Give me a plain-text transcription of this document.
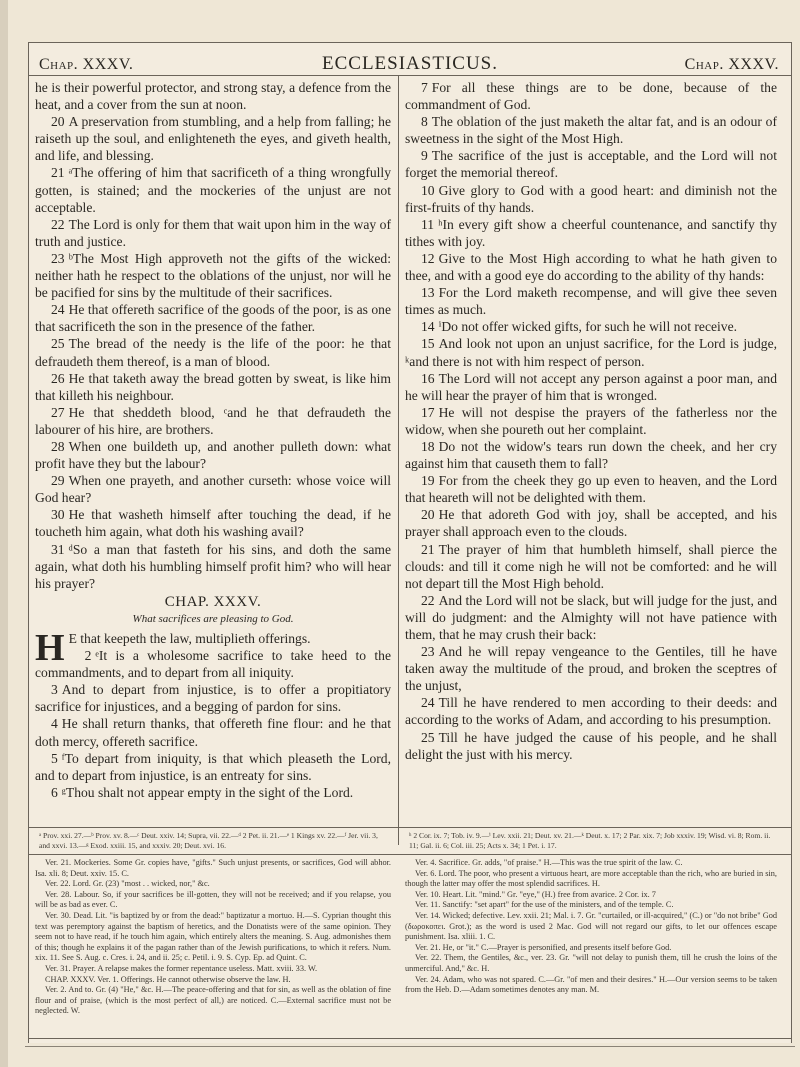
Chap. XXXV.	ECCLESIASTICUS.	Chap. XXXV.

he is their powerful protector, and strong stay, a defence from the heat, and a cover from the sun at noon.

20 A preservation from stumbling, and a help from falling; he raiseth up the soul, and enlighteneth the eyes, and giveth health, and life, and blessing.

21 ᵃThe offering of him that sacrificeth of a thing wrongfully gotten, is stained; and the mockeries of the unjust are not acceptable.

22 The Lord is only for them that wait upon him in the way of truth and justice.

23 ᵇThe Most High approveth not the gifts of the wicked: neither hath he respect to the oblations of the unjust, nor will he be pacified for sins by the multitude of their sacrifices.

24 He that offereth sacrifice of the goods of the poor, is as one that sacrificeth the son in the presence of the father.

25 The bread of the needy is the life of the poor: he that defraudeth them thereof, is a man of blood.

26 He that taketh away the bread gotten by sweat, is like him that killeth his neighbour.

27 He that sheddeth blood, ᶜand he that defraudeth the labourer of his hire, are brothers.

28 When one buildeth up, and another pulleth down: what profit have they but the labour?

29 When one prayeth, and another curseth: whose voice will God hear?

30 He that washeth himself after touching the dead, if he toucheth him again, what doth his washing avail?

31 ᵈSo a man that fasteth for his sins, and doth the same again, what doth his humbling himself profit him? who will hear his prayer?

CHAP. XXXV.
What sacrifices are pleasing to God.

H E that keepeth the law, multiplieth offerings.

2 ᵉIt is a wholesome sacrifice to take heed to the commandments, and to depart from all iniquity.

3 And to depart from injustice, is to offer a propitiatory sacrifice for injustices, and a begging of pardon for sins.

4 He shall return thanks, that offereth fine flour: and he that doth mercy, offereth sacrifice.

5 ᶠTo depart from iniquity, is that which pleaseth the Lord, and to depart from injustice, is an entreaty for sins.

6 ᵍThou shalt not appear empty in the sight of the Lord.

7 For all these things are to be done, because of the commandment of God.

8 The oblation of the just maketh the altar fat, and is an odour of sweetness in the sight of the Most High.

9 The sacrifice of the just is acceptable, and the Lord will not forget the memorial thereof.

10 Give glory to God with a good heart: and diminish not the first-fruits of thy hands.

11 ʰIn every gift show a cheerful countenance, and sanctify thy tithes with joy.

12 Give to the Most High according to what he hath given to thee, and with a good eye do according to the ability of thy hands:

13 For the Lord maketh recompense, and will give thee seven times as much.

14 ⁱDo not offer wicked gifts, for such he will not receive.

15 And look not upon an unjust sacrifice, for the Lord is judge, ᵏand there is not with him respect of person.

16 The Lord will not accept any person against a poor man, and he will hear the prayer of him that is wronged.

17 He will not despise the prayers of the fatherless nor the widow, when she poureth out her complaint.

18 Do not the widow's tears run down the cheek, and her cry against him that causeth them to fall?

19 For from the cheek they go up even to heaven, and the Lord that heareth will not be delighted with them.

20 He that adoreth God with joy, shall be accepted, and his prayer shall approach even to the clouds.

21 The prayer of him that humbleth himself, shall pierce the clouds: and till it come nigh he will not be comforted: and he will not depart till the Most High behold.

22 And the Lord will not be slack, but will judge for the just, and will do judgment: and the Almighty will not have patience with them, that he may crush their back:

23 And he will repay vengeance to the Gentiles, till he have taken away the multitude of the proud, and broken the sceptres of the unjust,

24 Till he have rendered to men according to their deeds: and according to the works of Adam, and according to his presumption.

25 Till he have judged the cause of his people, and he shall delight the just with his mercy.

ᵃ Prov. xxi. 27.—ᵇ Prov. xv. 8.—ᶜ Deut. xxiv. 14; Supra, vii. 22.—ᵈ 2 Pet. ii. 21.—ᵉ 1 Kings xv. 22.—ᶠ Jer. vii. 3, and xxvi. 13.—ᵍ Exod. xxiii. 15, and xxxiv. 20; Deut. xvi. 16.
ʰ 2 Cor. ix. 7; Tob. iv. 9.—ⁱ Lev. xxii. 21; Deut. xv. 21.—ᵏ Deut. x. 17; 2 Par. xix. 7; Job xxxiv. 19; Wisd. vi. 8; Rom. ii. 11; Gal. ii. 6; Col. iii. 25; Acts x. 34; 1 Pet. i. 17.

Ver. 21. Mockeries. Some Gr. copies have, "gifts." Such unjust presents, or sacrifices, God will abhor. Isa. xli. 8; Deut. xxiv. 15. C.

Ver. 22. Lord. Gr. (23) "most . . wicked, nor," &c.

Ver. 28. Labour. So, if your sacrifices be ill-gotten, they will not be received; and if you relapse, you will be as bad as ever. C.

Ver. 30. Dead. Lit. "is baptized by or from the dead:" baptizatur a mortuo. H.—S. Cyprian thought this text was peremptory against the baptism of heretics, and the Donatists were of the same opinion. They seem not to have read, if he touch him again, which entirely alters the meaning. S. Aug. admonishes them of this; though he explains it of the pagan rather than of the Jewish purifications, to which it refers. Num. xix. 11. See S. Aug. c. Cres. i. 24, and ii. 25; c. Petil. i. 9. S. Cyp. Ep. ad Quint. C.

Ver. 31. Prayer. A relapse makes the former repentance useless. Matt. xviii. 33. W.

CHAP. XXXV. Ver. 1. Offerings. He cannot otherwise observe the law. H.

Ver. 2. And to. Gr. (4) "He," &c. H.—The peace-offering and that for sin, as well as the oblation of fine flour and of praise, (which is the most perfect of all,) are noticed. C.—External sacrifice must not be neglected. W.

Ver. 4. Sacrifice. Gr. adds, "of praise." H.—This was the true spirit of the law. C.

Ver. 6. Lord. The poor, who present a virtuous heart, are more acceptable than the rich, who are buried in sin, though the latter may offer the most splendid sacrifices. H.

Ver. 10. Heart. Lit. "mind." Gr. "eye," (H.) free from avarice. 2 Cor. ix. 7

Ver. 11. Sanctify: "set apart" for the use of the ministers, and of the temple. C.

Ver. 14. Wicked; defective. Lev. xxii. 21; Mal. i. 7. Gr. "curtailed, or ill-acquired," (C.) or "do not bribe" God (δωροκοπει. Grot.); as the word is used 2 Mac. God will not regard our gifts, to let our offences escape punishment. Isa. xliii. 1. C.

Ver. 21. He, or "it." C.—Prayer is personified, and presents itself before God.

Ver. 22. Them, the Gentiles, &c., ver. 23. Gr. "will not delay to punish them, till he crush the loins of the unmerciful. And," &c. H.

Ver. 24. Adam, who was not spared. C.—Gr. "of men and their desires." H.—Our version seems to be taken from the Heb. D.—Adam sometimes denotes any man. M.
